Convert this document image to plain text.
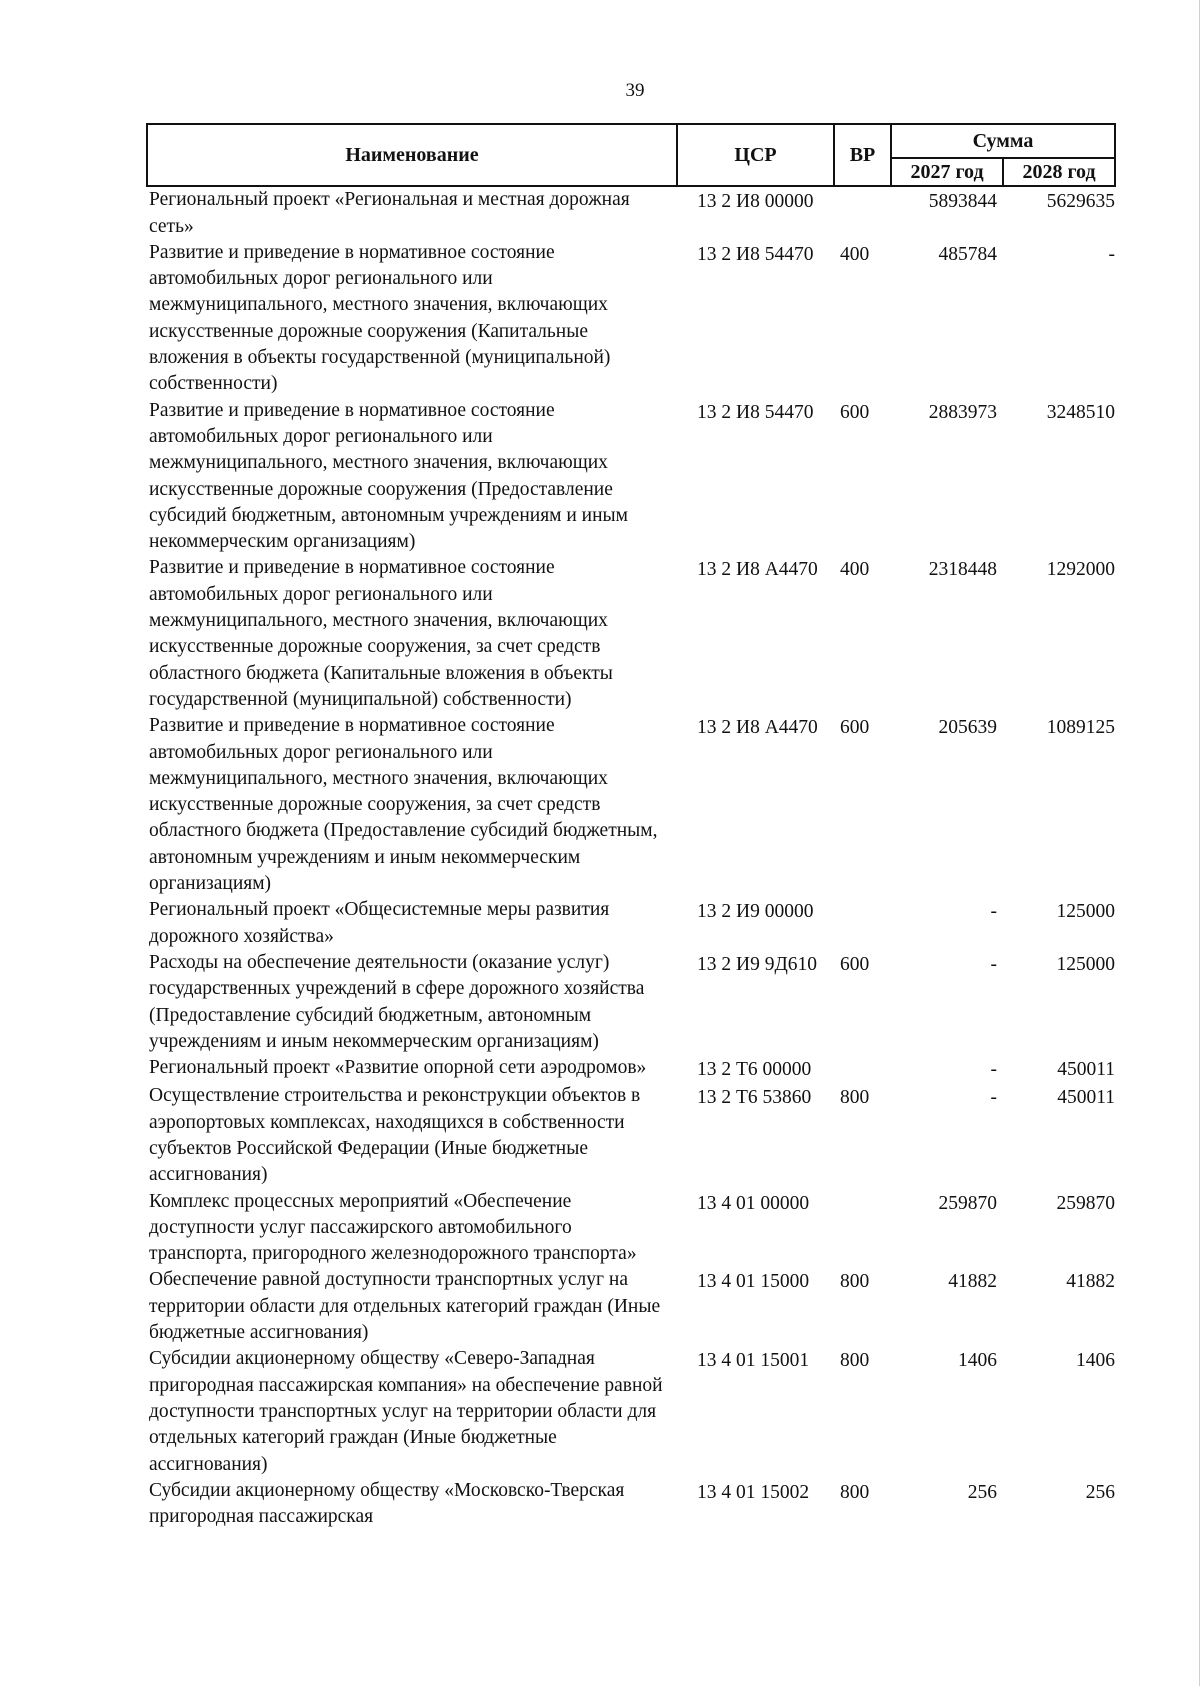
39
Наименование	ЦСР	ВР	Сумма	
			2027 год	2028 год
Региональный проект «Региональная и местная дорожная сеть»	13 2 И8 00000		5893844	5629635
Развитие и приведение в нормативное состояние автомобильных дорог регионального или межмуниципального, местного значения, включающих искусственные дорожные сооружения (Капитальные вложения в объекты государственной (муниципальной) собственности)	13 2 И8 54470	400	485784	-
Развитие и приведение в нормативное состояние автомобильных дорог регионального или межмуниципального, местного значения, включающих искусственные дорожные сооружения (Предоставление субсидий бюджетным, автономным учреждениям и иным некоммерческим организациям)	13 2 И8 54470	600	2883973	3248510
Развитие и приведение в нормативное состояние автомобильных дорог регионального или межмуниципального, местного значения, включающих искусственные дорожные сооружения, за счет средств областного бюджета (Капитальные вложения в объекты государственной (муниципальной) собственности)	13 2 И8 А4470	400	2318448	1292000
Развитие и приведение в нормативное состояние автомобильных дорог регионального или межмуниципального, местного значения, включающих искусственные дорожные сооружения, за счет средств областного бюджета (Предоставление субсидий бюджетным, автономным учреждениям и иным некоммерческим организациям)	13 2 И8 А4470	600	205639	1089125
Региональный проект «Общесистемные меры развития дорожного хозяйства»	13 2 И9 00000		-	125000
Расходы на обеспечение деятельности (оказание услуг) государственных учреждений в сфере дорожного хозяйства (Предоставление субсидий бюджетным, автономным учреждениям и иным некоммерческим организациям)	13 2 И9 9Д610	600	-	125000
Региональный проект «Развитие опорной сети аэродромов»	13 2 Т6 00000		-	450011
Осуществление строительства и реконструкции объектов в аэропортовых комплексах, находящихся в собственности субъектов Российской Федерации (Иные бюджетные ассигнования)	13 2 Т6 53860	800	-	450011
Комплекс процессных мероприятий «Обеспечение доступности услуг пассажирского автомобильного транспорта, пригородного железнодорожного транспорта»	13 4 01 00000		259870	259870
Обеспечение равной доступности транспортных услуг на территории области для отдельных категорий граждан (Иные бюджетные ассигнования)	13 4 01 15000	800	41882	41882
Субсидии акционерному обществу «Северо-Западная пригородная пассажирская компания» на обеспечение равной доступности транспортных услуг на территории области для отдельных категорий граждан (Иные бюджетные ассигнования)	13 4 01 15001	800	1406	1406
Субсидии акционерному обществу «Московско-Тверская пригородная пассажирская	13 4 01 15002	800	256	256
